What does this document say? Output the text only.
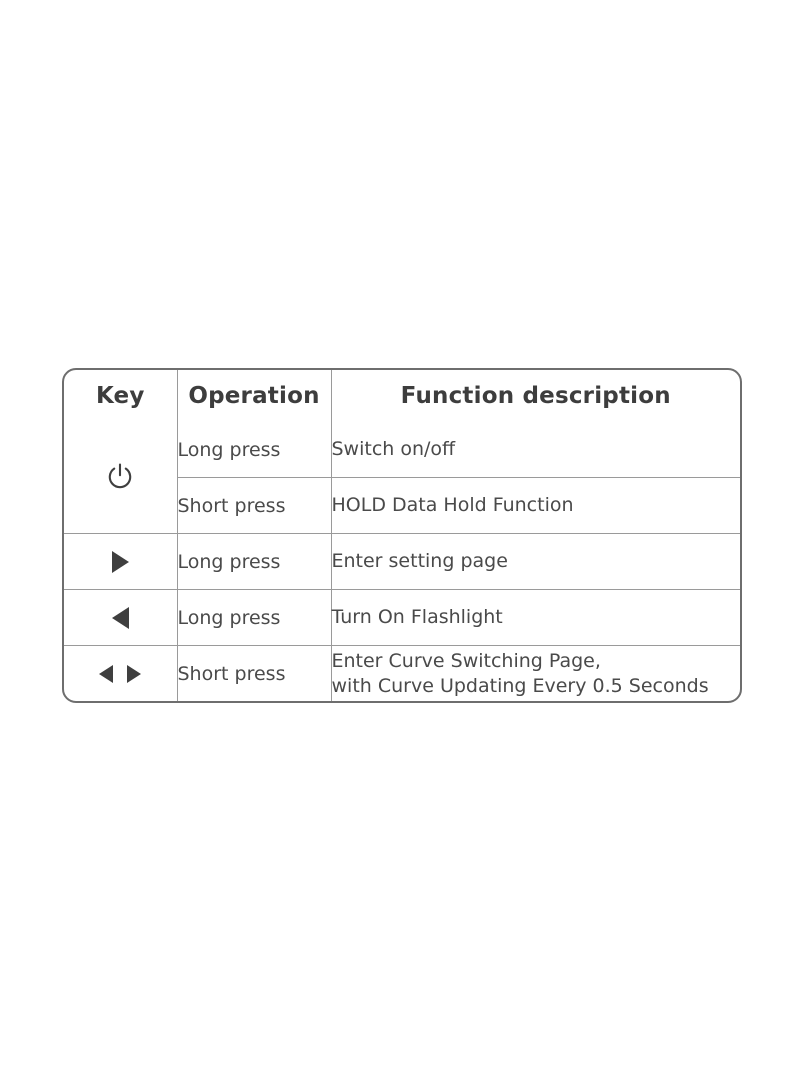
Key	Operation	Function description

	Long press	Switch on/off
	Short press	HOLD Data Hold Function
	Long press	Enter setting page
	Long press	Turn On Flashlight

	Short press	Enter Curve Switching Page,
with Curve Updating Every 0.5 Seconds
